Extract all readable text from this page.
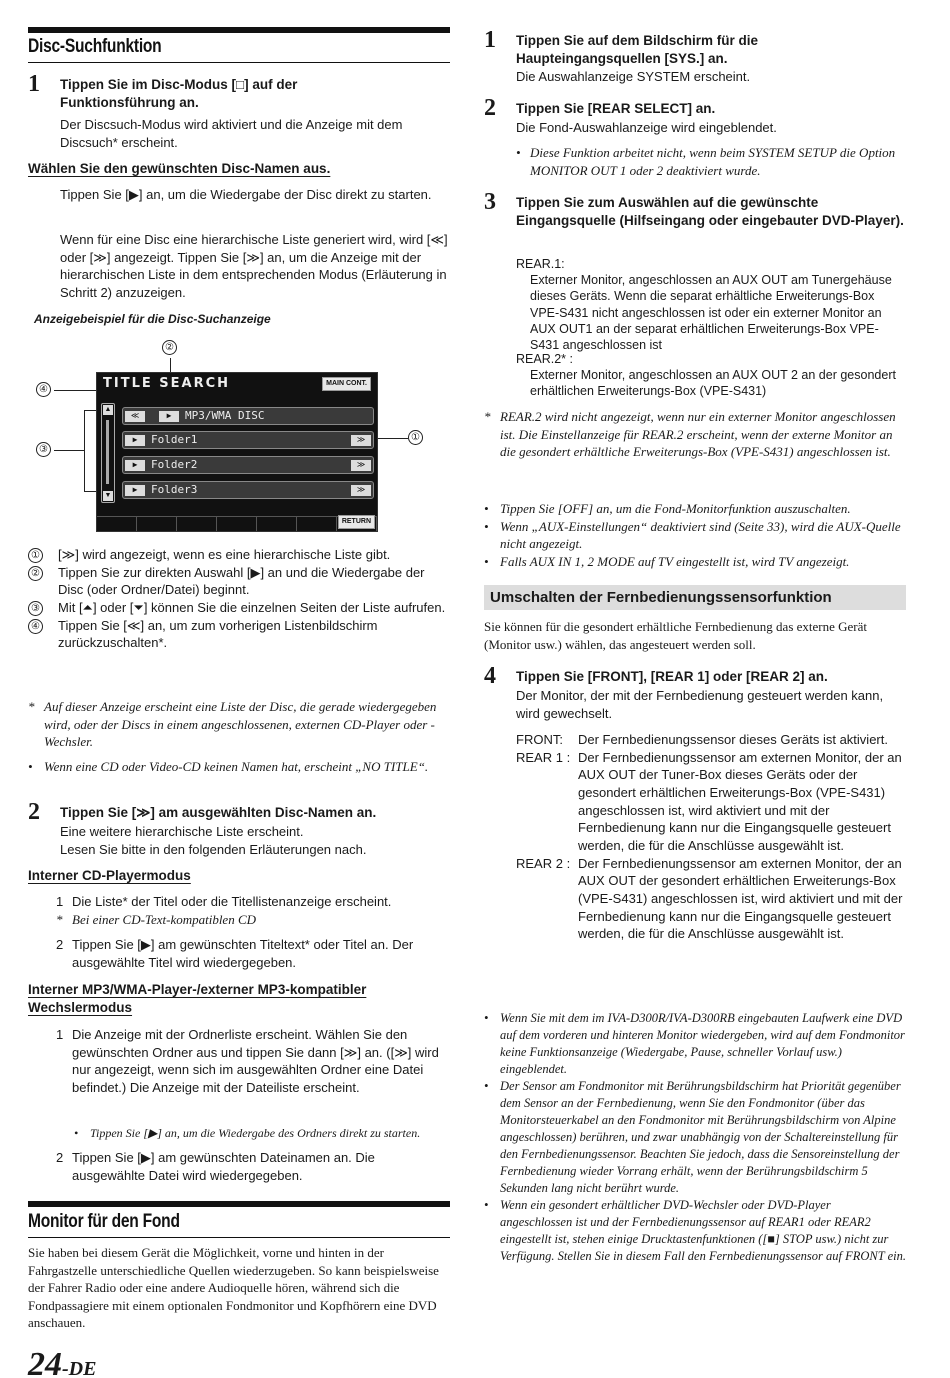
Disc-Suchfunktion
1 Tippen Sie im Disc-Modus [□] auf der Funktionsführung an.
Der Discsuch-Modus wird aktiviert und die Anzeige mit dem Discsuch* erscheint.
Wählen Sie den gewünschten Disc-Namen aus.
Tippen Sie [▶] an, um die Wiedergabe der Disc direkt zu starten.
Wenn für eine Disc eine hierarchische Liste generiert wird, wird [≪] oder [≫] angezeigt. Tippen Sie [≫] an, um die Anzeige mit der hierarchischen Liste in dem entsprechenden Modus (Erläuterung in Schritt 2) anzuzeigen.
Anzeigebeispiel für die Disc-Suchanzeige
②
④
③
①
TITLE SEARCH	MAIN CONT.
▲
▼
≪	▶	MP3/WMA DISC
▶	Folder1	≫
▶	Folder2	≫
▶	Folder3	≫
RETURN
① [≫] wird angezeigt, wenn es eine hierarchische Liste gibt.
② Tippen Sie zur direkten Auswahl [▶] an und die Wiedergabe der Disc (oder Ordner/Datei) beginnt.
③ Mit [⏶] oder [⏷] können Sie die einzelnen Seiten der Liste aufrufen.
④ Tippen Sie [≪] an, um zum vorherigen Listenbildschirm zurückzuschalten*.
* Auf dieser Anzeige erscheint eine Liste der Disc, die gerade wiedergegeben wird, oder der Discs in einem angeschlossenen, externen CD-Player oder -Wechsler.
• Wenn eine CD oder Video-CD keinen Namen hat, erscheint „NO TITLE“.
2 Tippen Sie [≫] am ausgewählten Disc-Namen an.
Eine weitere hierarchische Liste erscheint.
Lesen Sie bitte in den folgenden Erläuterungen nach.
Interner CD-Playermodus
1 Die Liste* der Titel oder die Titellistenanzeige erscheint.
* Bei einer CD-Text-kompatiblen CD
2 Tippen Sie [▶] am gewünschten Titeltext* oder Titel an. Der ausgewählte Titel wird wiedergegeben.
Interner MP3/WMA-Player-/externer MP3-kompatibler Wechslermodus
1 Die Anzeige mit der Ordnerliste erscheint. Wählen Sie den gewünschten Ordner aus und tippen Sie dann [≫] an. ([≫] wird nur angezeigt, wenn sich im ausgewählten Ordner eine Datei befindet.) Die Anzeige mit der Dateiliste erscheint.
• Tippen Sie [▶] an, um die Wiedergabe des Ordners direkt zu starten.
2 Tippen Sie [▶] am gewünschten Dateinamen an. Die ausgewählte Datei wird wiedergegeben.
Monitor für den Fond
Sie haben bei diesem Gerät die Möglichkeit, vorne und hinten in der Fahrgastzelle unterschiedliche Quellen wiederzugeben. So kann beispielsweise der Fahrer Radio oder eine andere Audioquelle hören, während sich die Fondpassagiere mit einem optionalen Fondmonitor und Kopfhörern eine DVD anschauen.
24-DE
1 Tippen Sie auf dem Bildschirm für die Haupteingangsquellen [SYS.] an.
Die Auswahlanzeige SYSTEM erscheint.
2 Tippen Sie [REAR SELECT] an.
Die Fond-Auswahlanzeige wird eingeblendet.
• Diese Funktion arbeitet nicht, wenn beim SYSTEM SETUP die Option MONITOR OUT 1 oder 2 deaktiviert wurde.
3 Tippen Sie zum Auswählen auf die gewünschte Eingangsquelle (Hilfseingang oder eingebauter DVD-Player).
REAR.1:
Externer Monitor, angeschlossen an AUX OUT am Tunergehäuse dieses Geräts. Wenn die separat erhältliche Erweiterungs-Box VPE-S431 nicht angeschlossen ist oder ein externer Monitor an AUX OUT1 an der separat erhältlichen Erweiterungs-Box VPE-S431 angeschlossen ist
REAR.2* :
Externer Monitor, angeschlossen an AUX OUT 2 an der gesondert erhältlichen Erweiterungs-Box (VPE-S431)
* REAR.2 wird nicht angezeigt, wenn nur ein externer Monitor angeschlossen ist. Die Einstellanzeige für REAR.2 erscheint, wenn der externe Monitor an die gesondert erhältliche Erweiterungs-Box (VPE-S431) angeschlossen ist.
• Tippen Sie [OFF] an, um die Fond-Monitorfunktion auszuschalten.
• Wenn „AUX-Einstellungen“ deaktiviert sind (Seite 33), wird die AUX-Quelle nicht angezeigt.
• Falls AUX IN 1, 2 MODE auf TV eingestellt ist, wird TV angezeigt.
Umschalten der Fernbedienungssensorfunktion
Sie können für die gesondert erhältliche Fernbedienung das externe Gerät (Monitor usw.) wählen, das angesteuert werden soll.
4 Tippen Sie [FRONT], [REAR 1] oder [REAR 2] an.
Der Monitor, der mit der Fernbedienung gesteuert werden kann, wird gewechselt.
FRONT: Der Fernbedienungssensor dieses Geräts ist aktiviert.
REAR 1 : Der Fernbedienungssensor am externen Monitor, der an AUX OUT der Tuner-Box dieses Geräts oder der gesondert erhältlichen Erweiterungs-Box (VPE-S431) angeschlossen ist, wird aktiviert und mit der Fernbedienung kann nur die Eingangsquelle gesteuert werden, die für die Anschlüsse ausgewählt ist.
REAR 2 : Der Fernbedienungssensor am externen Monitor, der an AUX OUT der gesondert erhältlichen Erweiterungs-Box (VPE-S431) angeschlossen ist, wird aktiviert und mit der Fernbedienung kann nur die Eingangsquelle gesteuert werden, die für die Anschlüsse ausgewählt ist.
• Wenn Sie mit dem im IVA-D300R/IVA-D300RB eingebauten Laufwerk eine DVD auf dem vorderen und hinteren Monitor wiedergeben, wird auf dem Fondmonitor keine Funktionsanzeige (Wiedergabe, Pause, schneller Vorlauf usw.) eingeblendet.
• Der Sensor am Fondmonitor mit Berührungsbildschirm hat Priorität gegenüber dem Sensor an der Fernbedienung, wenn Sie den Fondmonitor (über das Monitorsteuerkabel an den Fondmonitor mit Berührungsbildschirm von Alpine angeschlossen) berühren, und zwar unabhängig von der Schaltereinstellung für den Fernbedienungssensor. Beachten Sie jedoch, dass die Sensoreinstellung der Fernbedienung wieder Vorrang erhält, wenn der Berührungsbildschirm 5 Sekunden lang nicht berührt wurde.
• Wenn ein gesondert erhältlicher DVD-Wechsler oder DVD-Player angeschlossen ist und der Fernbedienungssensor auf REAR1 oder REAR2 eingestellt ist, stehen einige Drucktastenfunktionen ([■] STOP usw.) nicht zur Verfügung. Stellen Sie in diesem Fall den Fernbedienungssensor auf FRONT ein.
